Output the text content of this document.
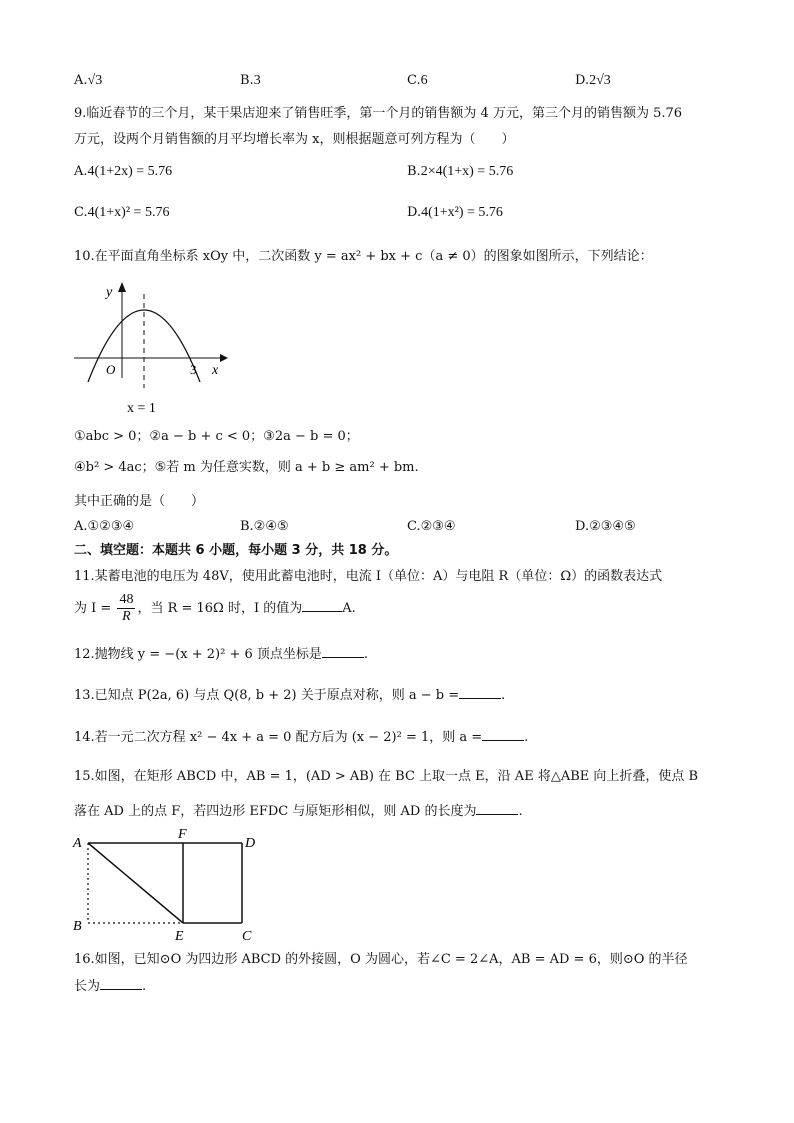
A.√3	B.3	C.6	D.2√3
9.临近春节的三个月，某干果店迎来了销售旺季，第一个月的销售额为 4 万元，第三个月的销售额为 5.76
万元，设两个月销售额的月平均增长率为 x，则根据题意可列方程为（　　）
A.4(1+2x) = 5.76	B.2×4(1+x) = 5.76
C.4(1+x)² = 5.76	D.4(1+x²) = 5.76
10.在平面直角坐标系 xOy 中，二次函数 y = ax² + bx + c（a ≠ 0）的图象如图所示，下列结论：
y
x
O	3
x = 1
①abc > 0；②a − b + c < 0；③2a − b = 0；
④b² > 4ac；⑤若 m 为任意实数，则 a + b ≥ am² + bm.
其中正确的是（　　）
A.①②③④	B.②④⑤	C.②③④	D.②③④⑤
二、填空题：本题共 6 小题，每小题 3 分，共 18 分。
11.某蓄电池的电压为 48V，使用此蓄电池时，电流 I（单位：A）与电阻 R（单位：Ω）的函数表达式
为 $I = \frac{48}{R}$ ，当 R = 16Ω 时，I 的值为	A.
12.抛物线 y = −(x + 2)² + 6 顶点坐标是	.
13.已知点 P(2a, 6) 与点 Q(8, b + 2) 关于原点对称，则 a − b =	.
14.若一元二次方程 x² − 4x + a = 0 配方后为 (x − 2)² = 1，则 a =	.
15.如图，在矩形 ABCD 中，AB = 1，(AD > AB) 在 BC 上取一点 E，沿 AE 将△ABE 向上折叠，使点 B
落在 AD 上的点 F，若四边形 EFDC 与原矩形相似，则 AD 的长度为	.
A
F
D
B
E	C
16.如图，已知⊙O 为四边形 ABCD 的外接圆，O 为圆心，若∠C = 2∠A，AB = AD = 6，则⊙O 的半径
长为	.
